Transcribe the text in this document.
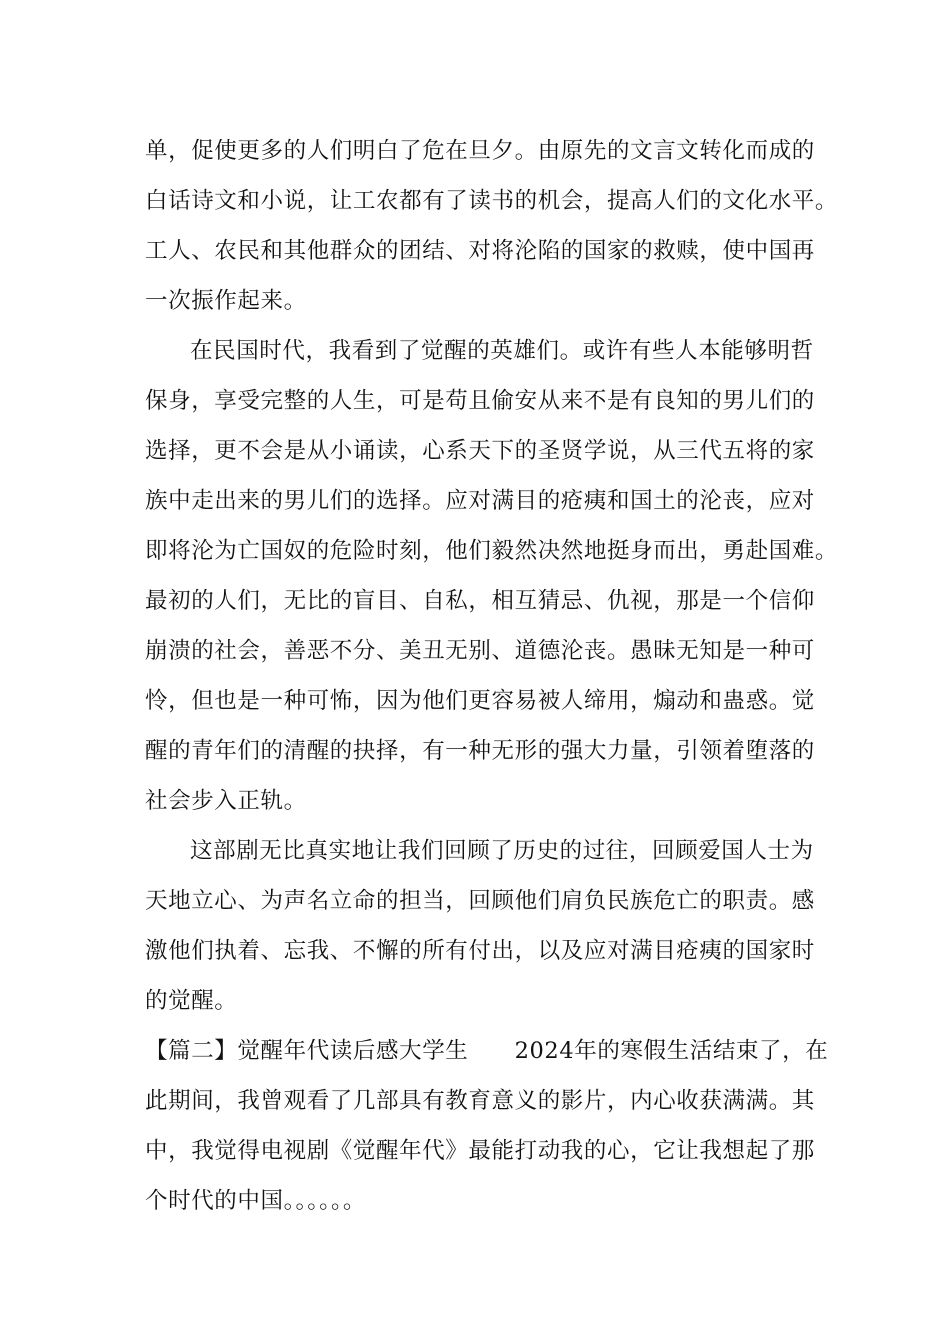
单，促使更多的人们明白了危在旦夕。由原先的文言文转化而成的
白话诗文和小说，让工农都有了读书的机会，提高人们的文化水平。
工人、农民和其他群众的团结、对将沦陷的国家的救赎，使中国再
一次振作起来。
在民国时代，我看到了觉醒的英雄们。或许有些人本能够明哲
保身，享受完整的人生，可是苟且偷安从来不是有良知的男儿们的
选择，更不会是从小诵读，心系天下的圣贤学说，从三代五将的家
族中走出来的男儿们的选择。应对满目的疮痍和国土的沦丧，应对
即将沦为亡国奴的危险时刻，他们毅然决然地挺身而出，勇赴国难。
最初的人们，无比的盲目、自私，相互猜忌、仇视，那是一个信仰
崩溃的社会，善恶不分、美丑无别、道德沦丧。愚昧无知是一种可
怜，但也是一种可怖，因为他们更容易被人缔用，煽动和蛊惑。觉
醒的青年们的清醒的抉择，有一种无形的强大力量，引领着堕落的
社会步入正轨。
这部剧无比真实地让我们回顾了历史的过往，回顾爱国人士为
天地立心、为声名立命的担当，回顾他们肩负民族危亡的职责。感
激他们执着、忘我、不懈的所有付出，以及应对满目疮痍的国家时
的觉醒。
【篇二】觉醒年代读后感大学生　　2024年的寒假生活结束了，在
此期间，我曾观看了几部具有教育意义的影片，内心收获满满。其
中，我觉得电视剧《觉醒年代》最能打动我的心，它让我想起了那
个时代的中国。。。。。。
